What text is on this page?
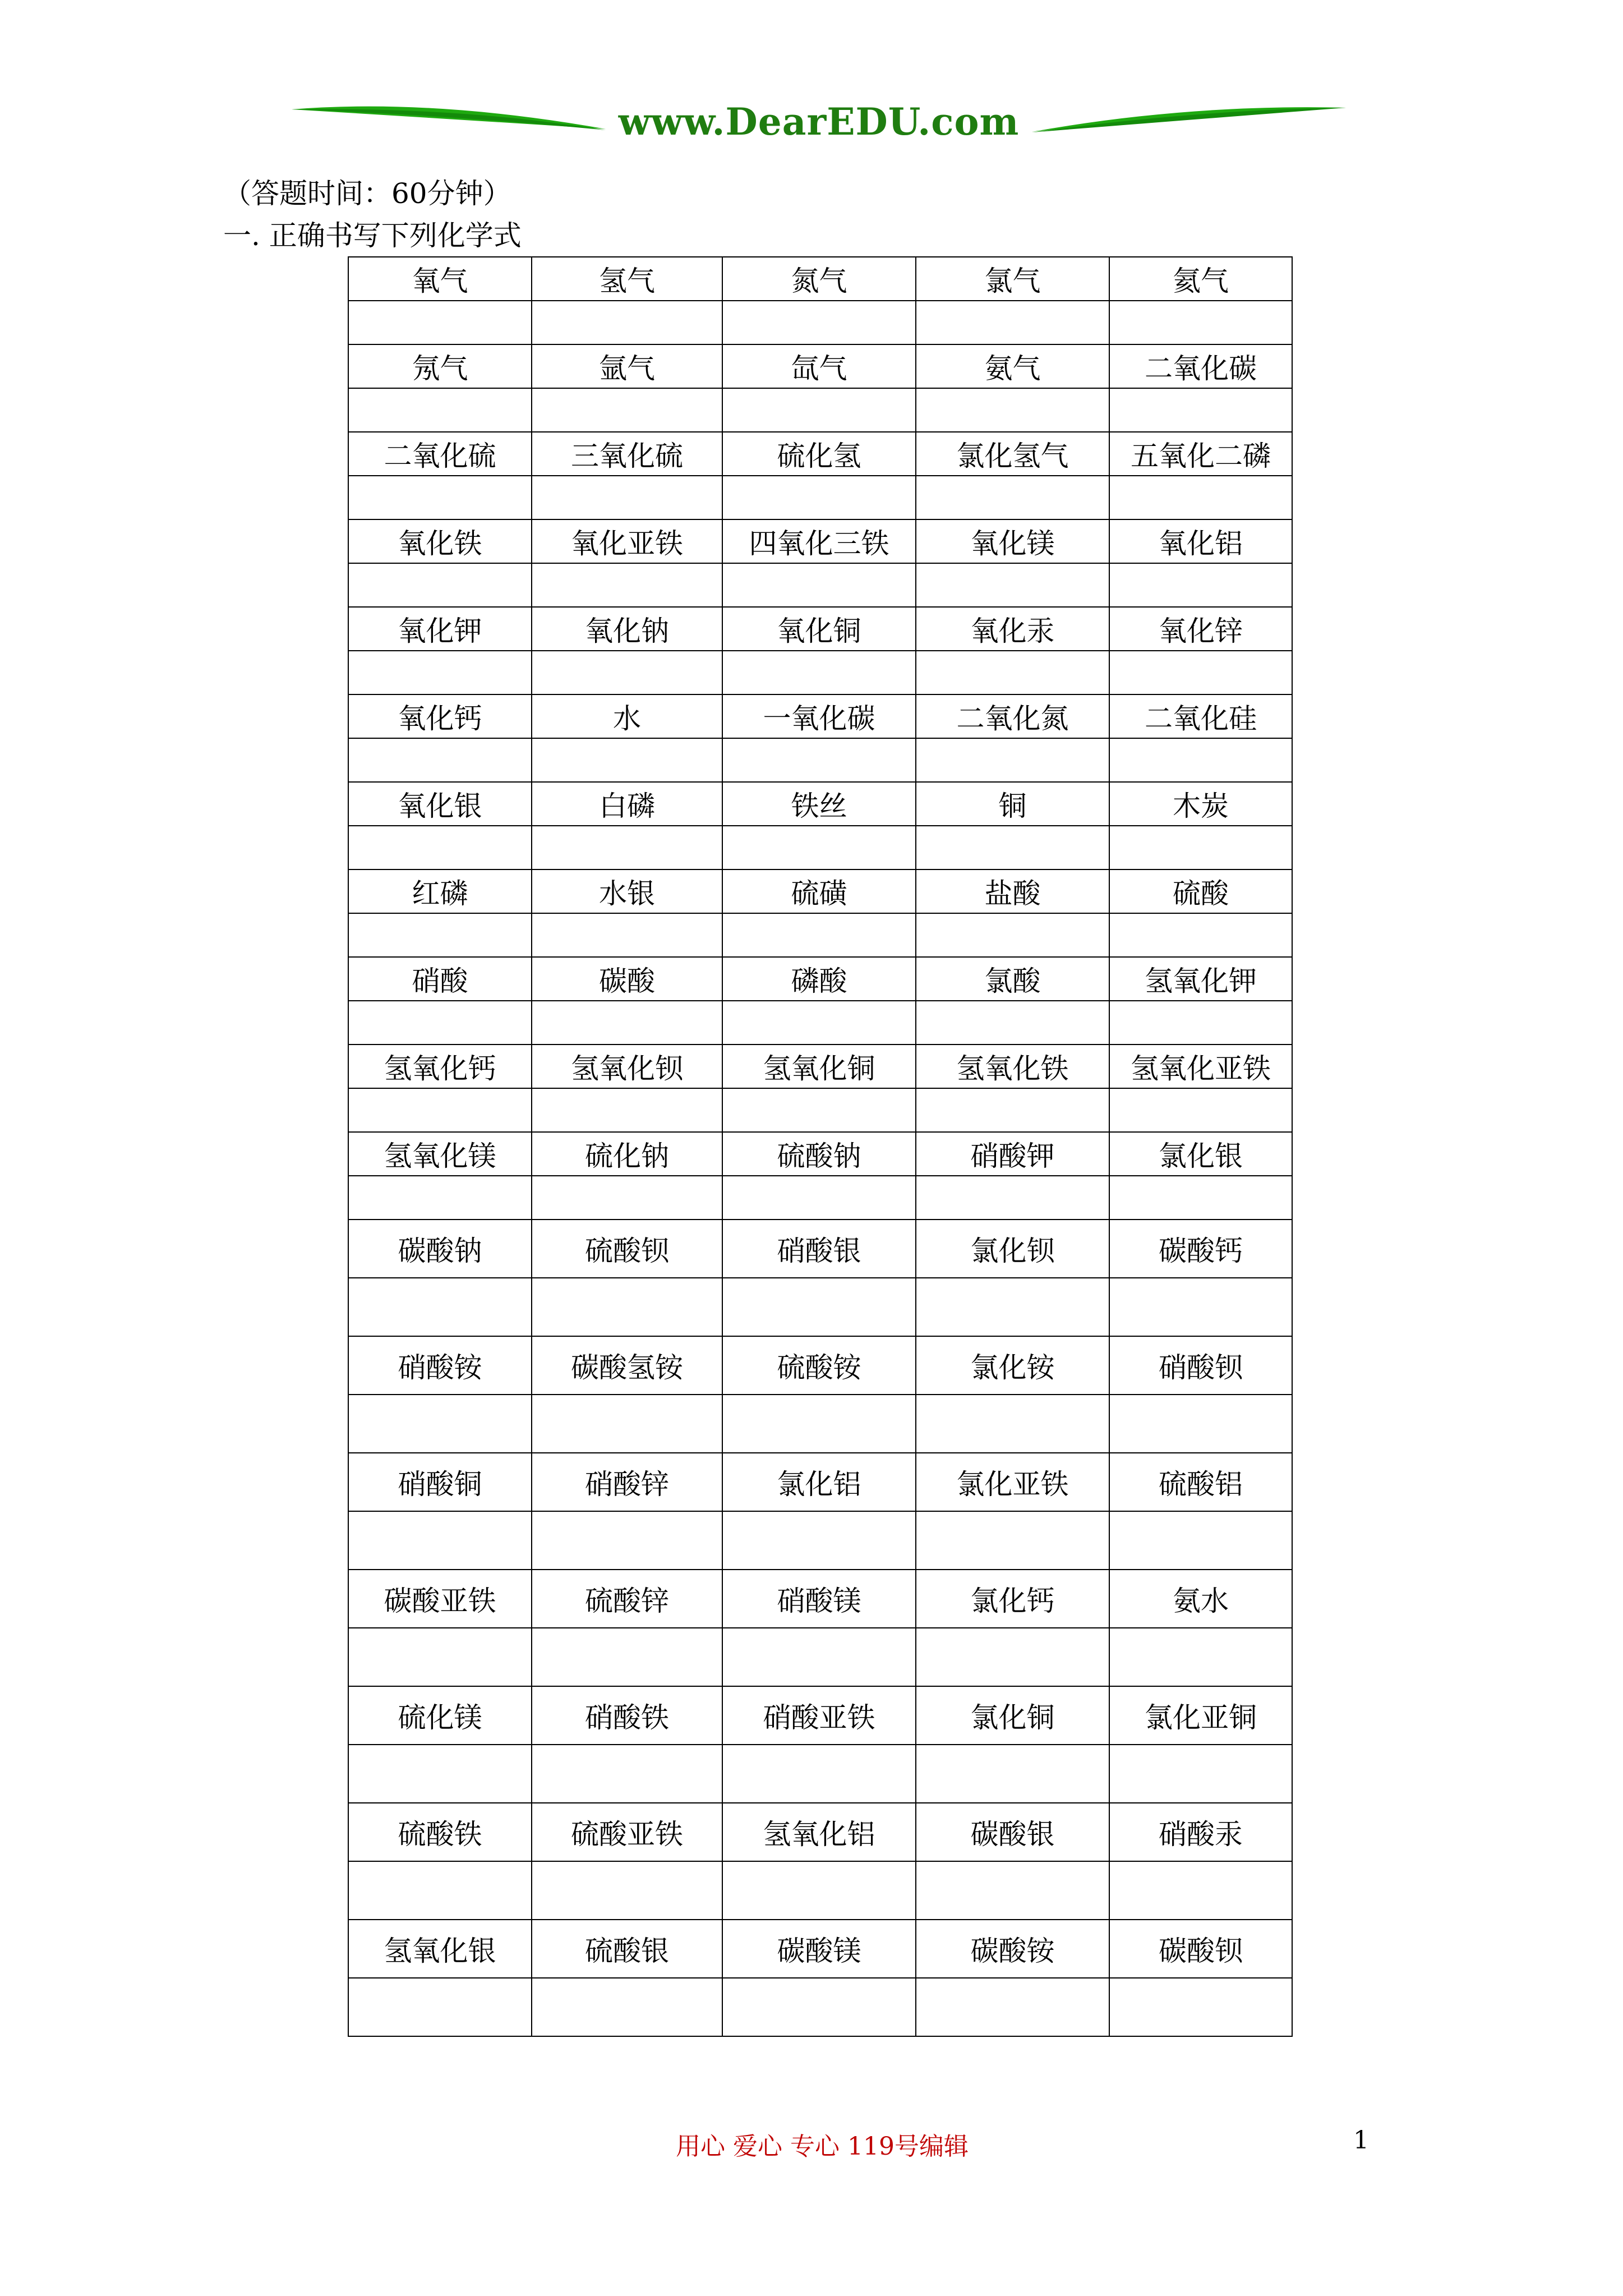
www.DearEDU.com
（答题时间：60分钟）
一. 正确书写下列化学式
氧气	氢气	氮气	氯气	氦气

氖气	氩气	氙气	氨气	二氧化碳

二氧化硫	三氧化硫	硫化氢	氯化氢气	五氧化二磷

氧化铁	氧化亚铁	四氧化三铁	氧化镁	氧化铝

氧化钾	氧化钠	氧化铜	氧化汞	氧化锌

氧化钙	水	一氧化碳	二氧化氮	二氧化硅

氧化银	白磷	铁丝	铜	木炭

红磷	水银	硫磺	盐酸	硫酸

硝酸	碳酸	磷酸	氯酸	氢氧化钾

氢氧化钙	氢氧化钡	氢氧化铜	氢氧化铁	氢氧化亚铁

氢氧化镁	硫化钠	硫酸钠	硝酸钾	氯化银

碳酸钠	硫酸钡	硝酸银	氯化钡	碳酸钙

硝酸铵	碳酸氢铵	硫酸铵	氯化铵	硝酸钡

硝酸铜	硝酸锌	氯化铝	氯化亚铁	硫酸铝

碳酸亚铁	硫酸锌	硝酸镁	氯化钙	氨水

硫化镁	硝酸铁	硝酸亚铁	氯化铜	氯化亚铜

硫酸铁	硫酸亚铁	氢氧化铝	碳酸银	硝酸汞

氢氧化银	硫酸银	碳酸镁	碳酸铵	碳酸钡

用心 爱心 专心 119号编辑	1
